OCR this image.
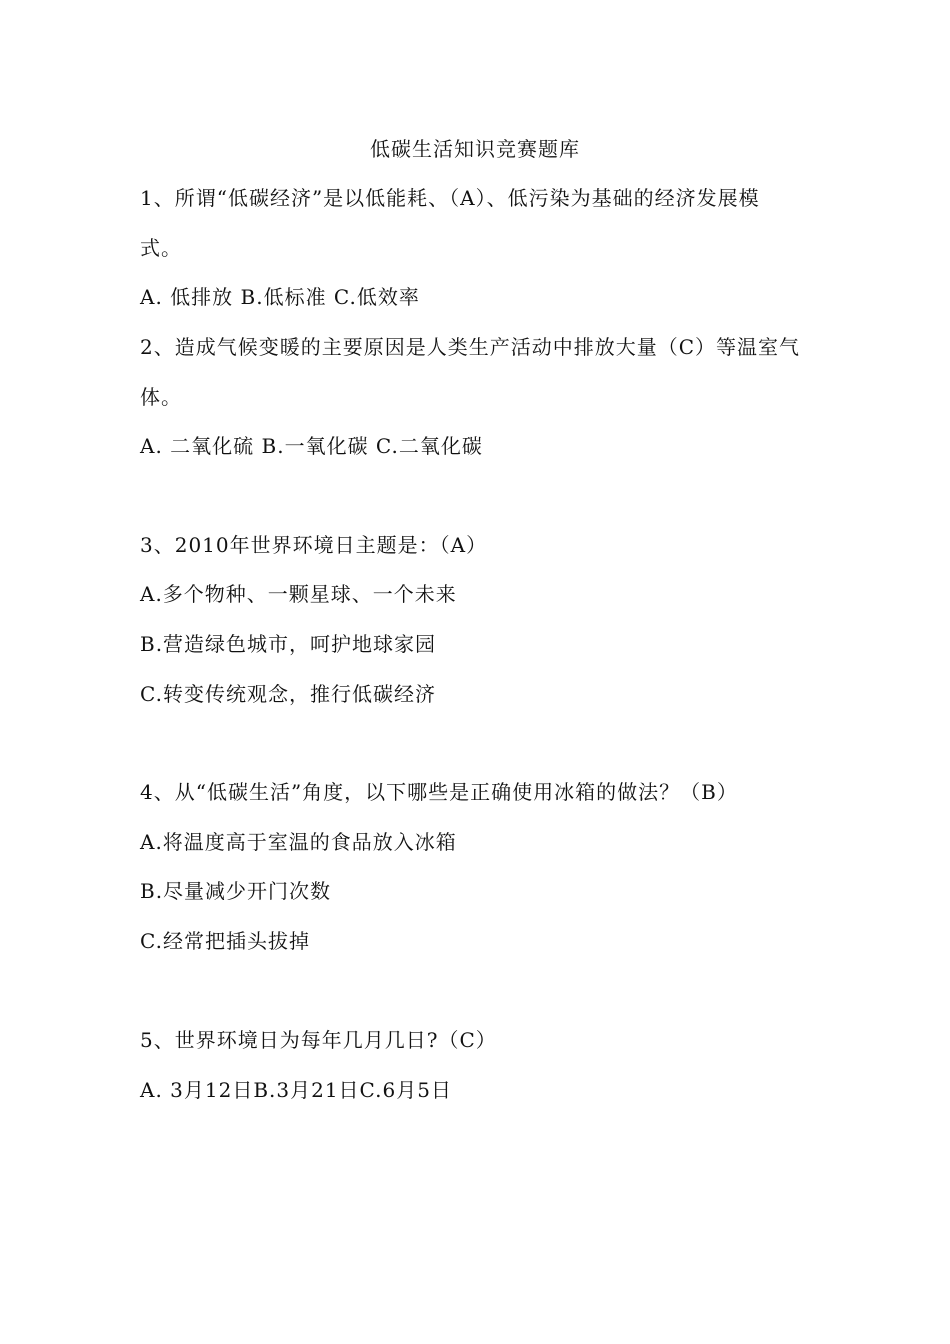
低碳生活知识竞赛题库
1、所谓“低碳经济”是以低能耗、（A）、低污染为基础的经济发展模
式。
A. 低排放 B.低标准 C.低效率
2、造成气候变暖的主要原因是人类生产活动中排放大量（C）等温室气
体。
A. 二氧化硫 B.一氧化碳 C.二氧化碳
3、2010年世界环境日主题是：（A）
A.多个物种、一颗星球、一个未来
B.营造绿色城市，呵护地球家园
C.转变传统观念，推行低碳经济
4、从“低碳生活”角度，以下哪些是正确使用冰箱的做法？（B）
A.将温度高于室温的食品放入冰箱
B.尽量减少开门次数
C.经常把插头拔掉
5、世界环境日为每年几月几日?（C）
A. 3月12日B.3月21日C.6月5日
